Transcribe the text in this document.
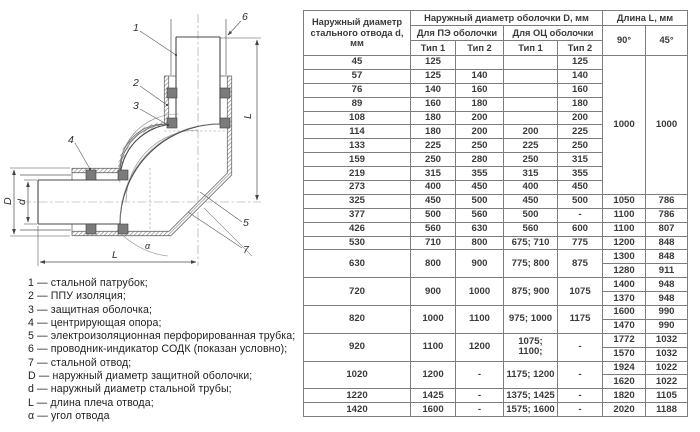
1
2
3
4
5
6
7
L
L
D d
α
1 — стальной патрубок;
2 — ППУ изоляция;
3 — защитная оболочка;
4 — центрирующая опора;
5 — электроизоляционная перфорированная трубка;
6 — проводник-индикатор СОДК (показан условно);
7 — стальной отвод;
D — наружный диаметр защитной оболочки;
d — наружный диаметр стальной трубы;
L — длина плеча отвода;
α — угол отвода
Наружный диаметр стального отвода d, мм	Наружный диаметр оболочки D, мм				Длина L, мм	
	Для ПЭ оболочки		Для ОЦ оболочки		90°	45°
	Тип 1	Тип 2	Тип 1	Тип 2		
45	125			125	1000	1000
57	125	140		140		
76	140	160		160		
89	160	180		180		
108	180	200		200		
114	180	200	200	225		
133	225	250	225	250		
159	250	280	250	315		
219	315	355	315	355		
273	400	450	400	450		
325	450	500	450	500	1050	786
377	500	560	500	-	1100	786
426	560	630	560	600	1100	807
530	710	800	675; 710	775	1200	848
630	800	900	775; 800	875	1300	848
					1280	911
720	900	1000	875; 900	1075	1400	948
					1370	948
820	1000	1100	975; 1000	1175	1600	990
					1470	990
920	1100	1200	1075; 1100;	-	1772	1032
					1570	1032
1020	1200	-	1175; 1200	-	1924	1022
					1620	1022
1220	1425	-	1375; 1425	-	1820	1105
1420	1600	-	1575; 1600	-	2020	1188
